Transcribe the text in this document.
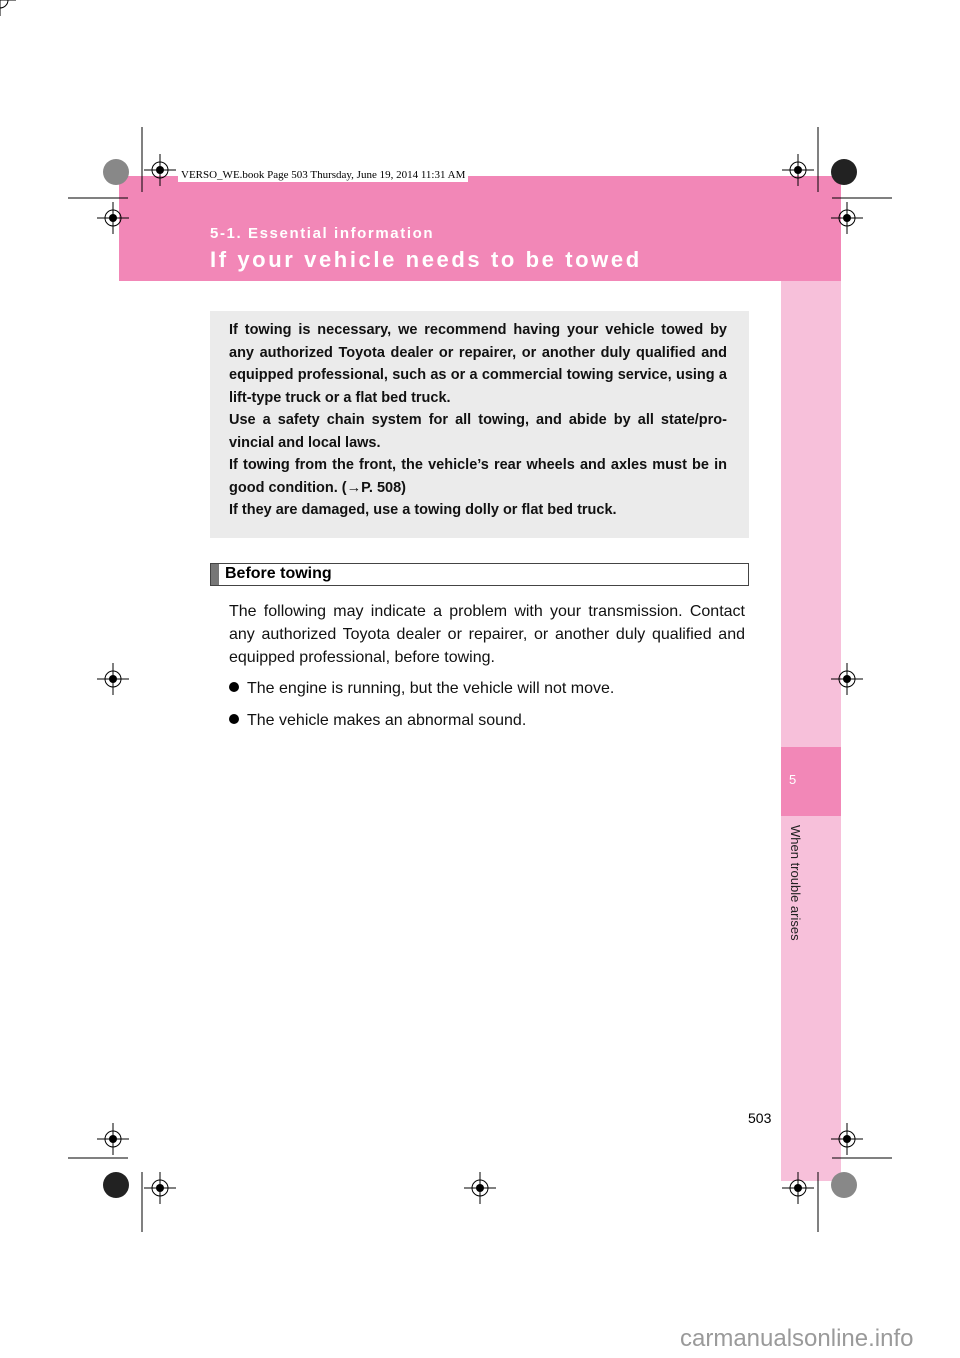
VERSO_WE.book Page 503 Thursday, June 19, 2014 11:31 AM
5-1. Essential information
If your vehicle needs to be towed
5
When trouble arises

If towing is necessary, we recommend having your vehicle towed by any authorized Toyota dealer or repairer, or another duly qualified and equipped professional, such as or a commercial towing service, using a lift-type truck or a flat bed truck.

Use a safety chain system for all towing, and abide by all state/pro-vincial and local laws.

If towing from the front, the vehicle’s rear wheels and axles must be in good condition. (→P. 508)

If they are damaged, use a towing dolly or flat bed truck.

Before towing
The following may indicate a problem with your transmission. Contact any authorized Toyota dealer or repairer, or another duly qualified and equipped professional, before towing.
The engine is running, but the vehicle will not move.
The vehicle makes an abnormal sound.
503
carmanualsonline.info
